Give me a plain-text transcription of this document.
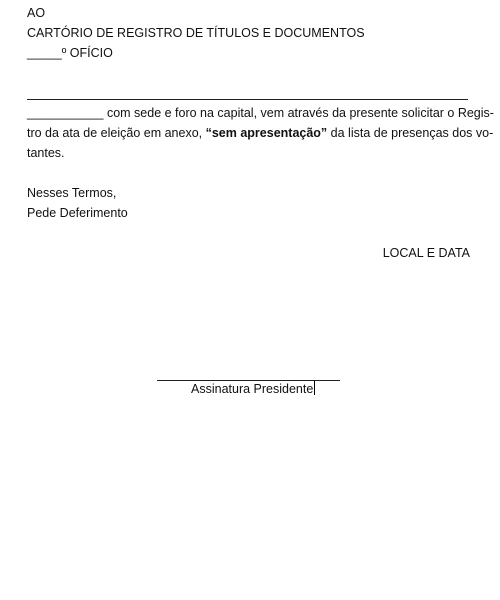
AO
CARTÓRIO DE REGISTRO DE TÍTULOS E DOCUMENTOS
_____º OFÍCIO
___________ com sede e foro na capital, vem através da presente solicitar o Regis-
tro da ata de eleição em anexo, “sem apresentação” da lista de presenças dos vo-
tantes.
Nesses Termos,
Pede Deferimento
LOCAL E DATA
Assinatura Presidente
